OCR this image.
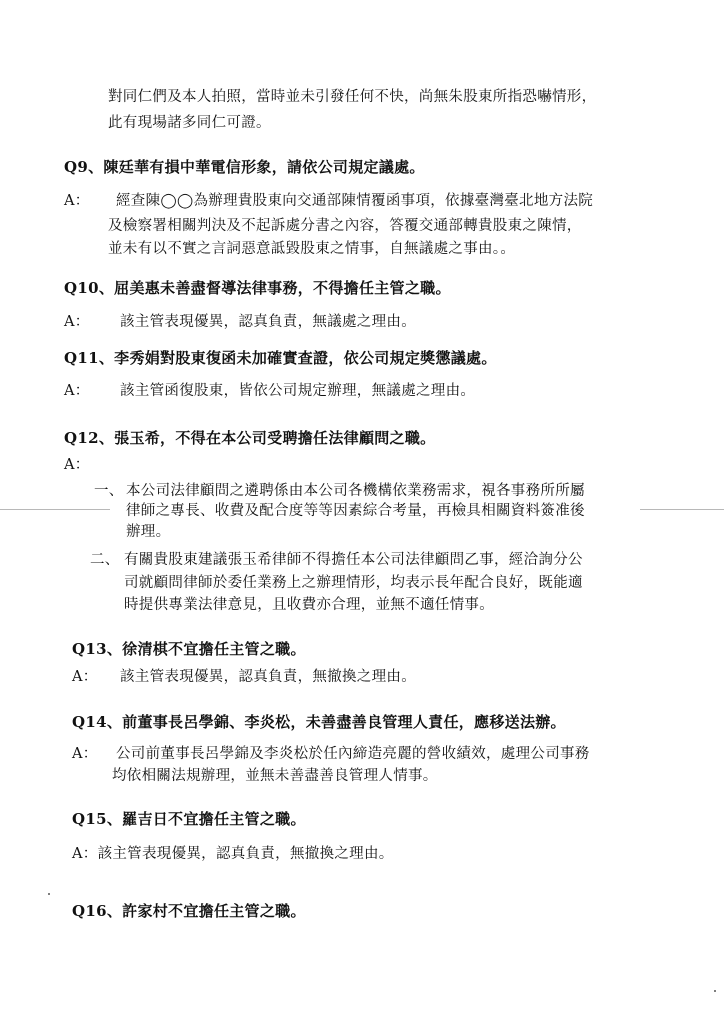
對同仁們及本人拍照，當時並未引發任何不快，尚無朱股東所指恐嚇情形，
此有現場諸多同仁可證。
Q9、陳廷華有損中華電信形象，請依公司規定議處。
A： 經查陳◯◯為辦理貴股東向交通部陳情覆函事項，依據臺灣臺北地方法院
及檢察署相關判決及不起訴處分書之內容，答覆交通部轉貴股東之陳情，
並未有以不實之言詞惡意詆毀股東之情事，自無議處之事由。。
Q10、屈美惠未善盡督導法律事務，不得擔任主管之職。
A： 該主管表現優異，認真負責，無議處之理由。
Q11、李秀娟對股東復函未加確實查證，依公司規定獎懲議處。
A： 該主管函復股東，皆依公司規定辦理，無議處之理由。
Q12、張玉希，不得在本公司受聘擔任法律顧問之職。
A：
一、 本公司法律顧問之遴聘係由本公司各機構依業務需求，視各事務所所屬
律師之專長、收費及配合度等等因素綜合考量，再檢具相關資料簽准後
辦理。
二、 有關貴股東建議張玉希律師不得擔任本公司法律顧問乙事，經洽詢分公
司就顧問律師於委任業務上之辦理情形，均表示長年配合良好，既能適
時提供專業法律意見，且收費亦合理，並無不適任情事。
Q13、徐清棋不宜擔任主管之職。
A： 該主管表現優異，認真負責，無撤換之理由。
Q14、前董事長呂學錦、李炎松，未善盡善良管理人責任，應移送法辦。
A： 公司前董事長呂學錦及李炎松於任內締造亮麗的營收績效，處理公司事務
均依相關法規辦理，並無未善盡善良管理人情事。
Q15、羅吉日不宜擔任主管之職。
A：該主管表現優異，認真負責，無撤換之理由。
Q16、許家村不宜擔任主管之職。
